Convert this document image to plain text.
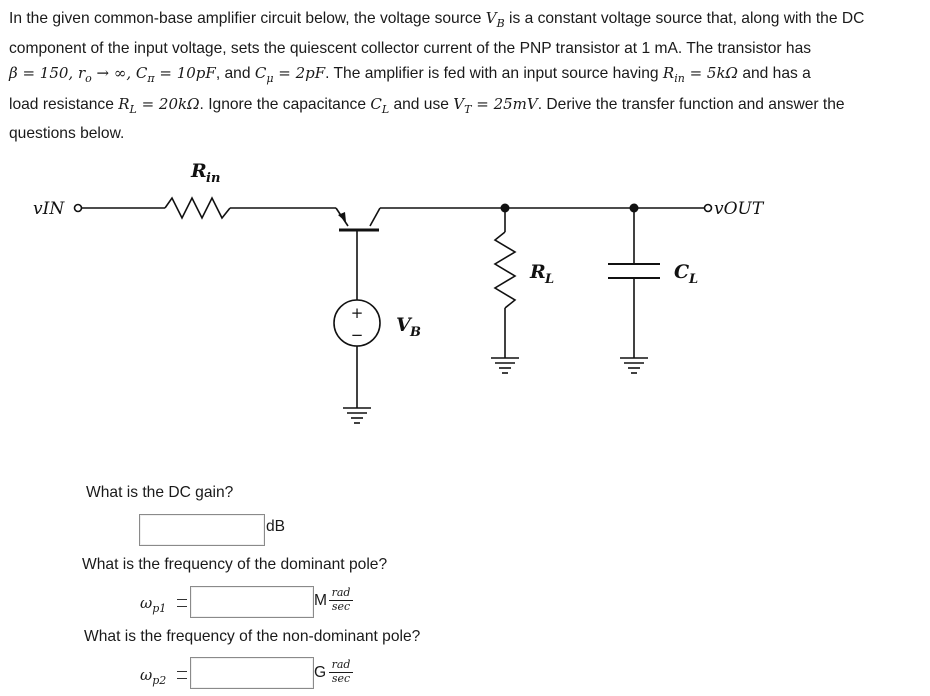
In the given common-base amplifier circuit below, the voltage source $V_B$ is a constant voltage source that, along with the DC
component of the input voltage, sets the quiescent collector current of the PNP transistor at 1 mA. The transistor has
β = 150, $r_o$ → ∞, $C_\pi = 10pF$, and $C_\mu = 2pF$. The amplifier is fed with an input source having $R_{in} = 5k\Omega$ and has a
load resistance $R_L = 20k\Omega$. Ignore the capacitance $C_L$ and use $V_T = 25mV$. Derive the transfer function and answer the
questions below.
+
−
vIN	vOUT
R in
V B
R L	C L
What is the DC gain?
dB
What is the frequency of the dominant pole?
$\omega_{p1}$	M rad
sec
What is the frequency of the non-dominant pole?
$\omega_{p2}$	G rad
sec
